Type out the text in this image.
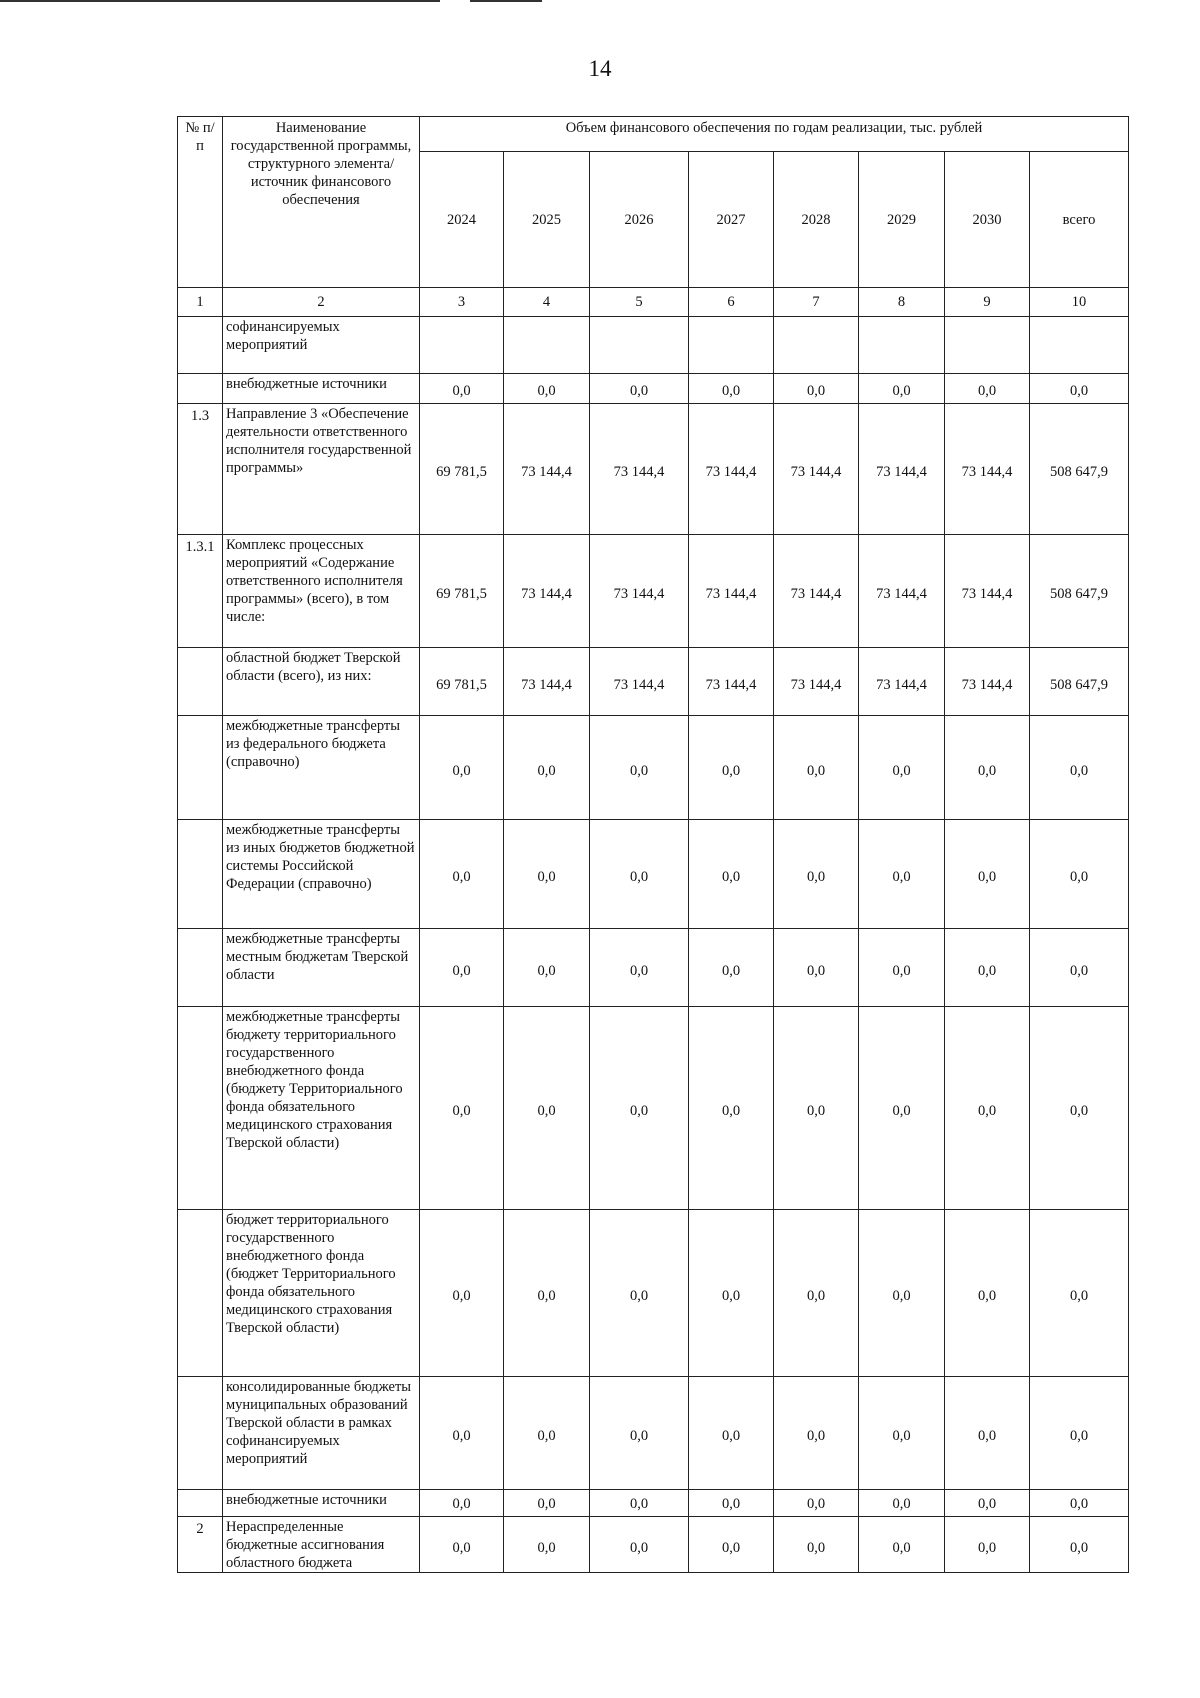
14
№ п/п	Наименование государственной программы, структурного элемента/источник финансового обеспечения	Объем финансового обеспечения по годам реализации, тыс. рублей							
		2024	2025	2026	2027	2028	2029	2030	всего
1	2	3	4	5	6	7	8	9	10
	софинансируемых мероприятий								
	внебюджетные источники	0,0	0,0	0,0	0,0	0,0	0,0	0,0	0,0
1.3	Направление 3 «Обеспечение деятельности ответственного исполнителя государственной программы»	69 781,5	73 144,4	73 144,4	73 144,4	73 144,4	73 144,4	73 144,4	508 647,9
1.3.1	Комплекс процессных мероприятий «Содержание ответственного исполнителя программы» (всего), в том числе:	69 781,5	73 144,4	73 144,4	73 144,4	73 144,4	73 144,4	73 144,4	508 647,9
	областной бюджет Тверской области (всего), из них:	69 781,5	73 144,4	73 144,4	73 144,4	73 144,4	73 144,4	73 144,4	508 647,9
	межбюджетные трансферты из федерального бюджета (справочно)	0,0	0,0	0,0	0,0	0,0	0,0	0,0	0,0
	межбюджетные трансферты из иных бюджетов бюджетной системы Российской Федерации (справочно)	0,0	0,0	0,0	0,0	0,0	0,0	0,0	0,0
	межбюджетные трансферты местным бюджетам Тверской области	0,0	0,0	0,0	0,0	0,0	0,0	0,0	0,0
	межбюджетные трансферты бюджету территориального государственного внебюджетного фонда (бюджету Территориального фонда обязательного медицинского страхования Тверской области)	0,0	0,0	0,0	0,0	0,0	0,0	0,0	0,0
	бюджет территориального государственного внебюджетного фонда (бюджет Территориального фонда обязательного медицинского страхования Тверской области)	0,0	0,0	0,0	0,0	0,0	0,0	0,0	0,0
	консолидированные бюджеты муниципальных образований Тверской области в рамках софинансируемых мероприятий	0,0	0,0	0,0	0,0	0,0	0,0	0,0	0,0
	внебюджетные источники	0,0	0,0	0,0	0,0	0,0	0,0	0,0	0,0
2	Нераспределенные бюджетные ассигнования областного бюджета	0,0	0,0	0,0	0,0	0,0	0,0	0,0	0,0
